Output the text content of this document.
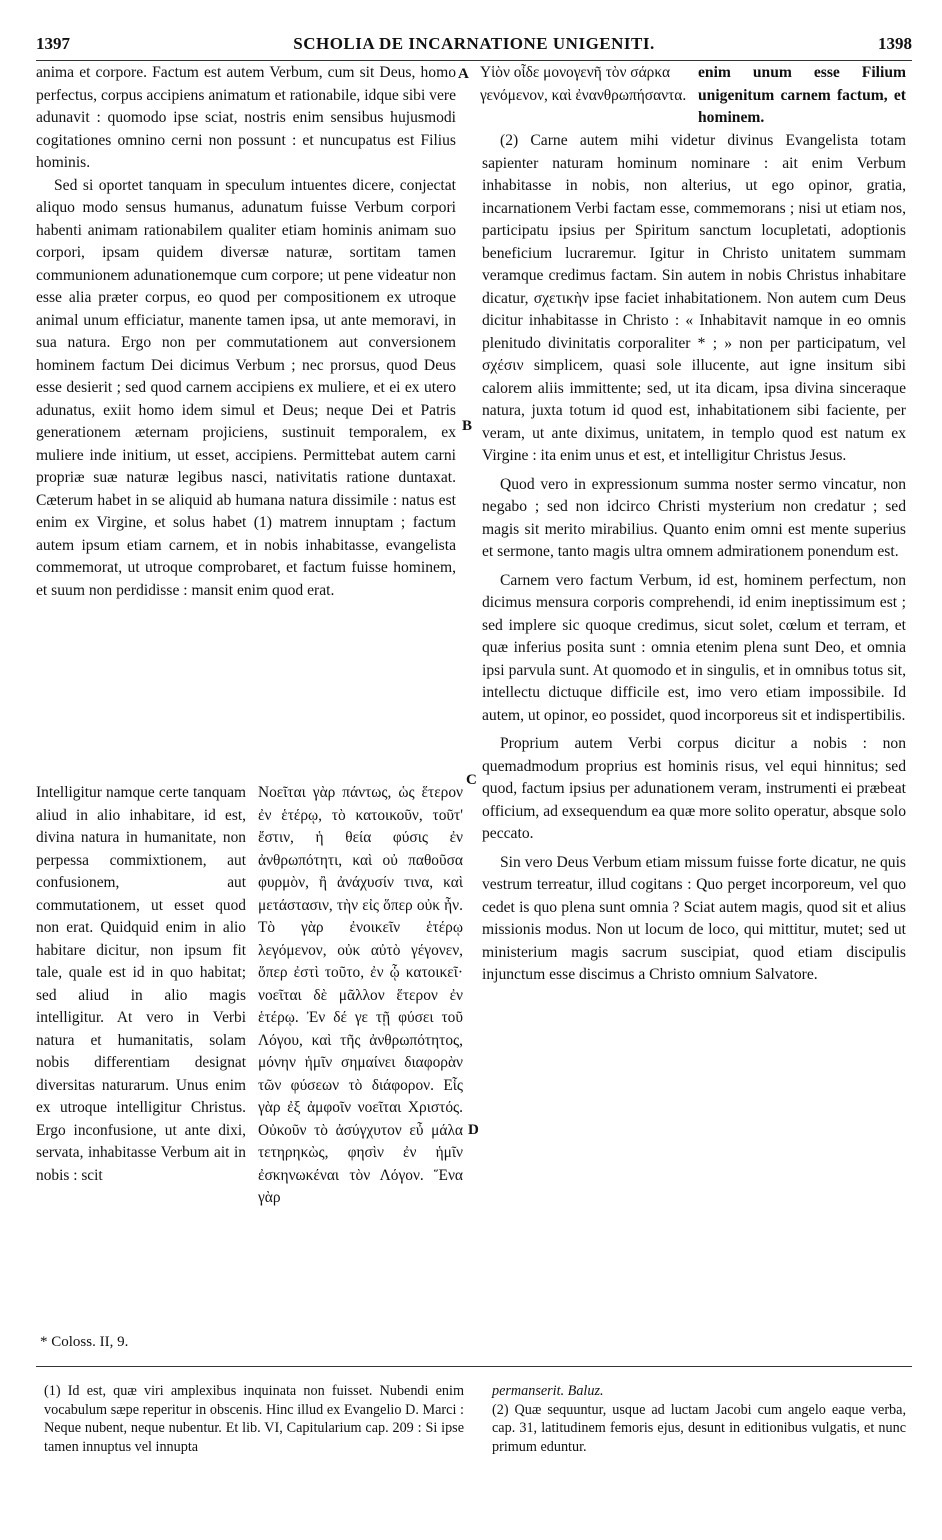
1397	SCHOLIA DE INCARNATIONE UNIGENITI.	1398

anima et corpore. Factum est autem Verbum, cum sit Deus, homo perfectus, corpus accipiens animatum et rationabile, idque sibi vere adunavit : quomodo ipse sciat, nostris enim sensibus hujusmodi cogitationes omnino cerni non possunt : et nuncupatus est Filius hominis.

Sed si oportet tanquam in speculum intuentes dicere, conjectat aliquo modo sensus humanus, adunatum fuisse Verbum corpori habenti animam rationabilem qualiter etiam hominis animam suo corpori, ipsam quidem diversæ naturæ, sortitam tamen communionem adunationemque cum corpore; ut pene videatur non esse alia præter corpus, eo quod per compositionem ex utroque animal unum efficiatur, manente tamen ipsa, ut ante memoravi, in sua natura. Ergo non per commutationem aut conversionem hominem factum Dei dicimus Verbum ; nec prorsus, quod Deus esse desierit ; sed quod carnem accipiens ex muliere, et ei ex utero adunatus, exiit homo idem simul et Deus; neque Dei et Patris generationem æternam projiciens, sustinuit temporalem, ex muliere inde initium, ut esset, accipiens. Permittebat autem carni propriæ suæ naturæ legibus nasci, nativitatis ratione duntaxat. Cæterum habet in se aliquid ab humana natura dissimile : natus est enim ex Virgine, et solus habet (1) matrem innuptam ; factum autem ipsum etiam carnem, et in nobis inhabitasse, evangelista commemorat, ut utroque comprobaret, et factum fuisse hominem, et suum non perdidisse : mansit enim quod erat.

Intelligitur namque certe tanquam aliud in alio inhabitare, id est, divina natura in humanitate, non perpessa commixtionem, aut confusionem, aut commutationem, ut esset quod non erat. Quidquid enim in alio habitare dicitur, non ipsum fit tale, quale est id in quo habitat; sed aliud in alio magis intelligitur. At vero in Verbi natura et humanitatis, solam nobis differentiam designat diversitas naturarum. Unus enim ex utroque intelligitur Christus. Ergo inconfusione, ut ante dixi, servata, inhabitasse Verbum ait in nobis : scit
Νοεῖται γὰρ πάντως, ὡς ἕτερον ἐν ἑτέρῳ, τὸ κατοικοῦν, τοῦτ' ἔστιν, ἡ θεία φύσις ἐν ἀνθρωπότητι, καὶ οὐ παθοῦσα φυρμὸν, ἢ ἀνάχυσίν τινα, καὶ μετάστασιν, τὴν εἰς ὅπερ οὐκ ἦν. Τὸ γὰρ ἐνοικεῖν ἑτέρῳ λεγόμενον, οὐκ αὐτὸ γέγονεν, ὅπερ ἐστὶ τοῦτο, ἐν ᾧ κατοικεῖ· νοεῖται δὲ μᾶλλον ἕτερον ἐν ἑτέρῳ. Ἐν δέ γε τῇ φύσει τοῦ Λόγου, καὶ τῆς ἀνθρωπότητος, μόνην ἡμῖν σημαίνει διαφορὰν τῶν φύσεων τὸ διάφορον. Εἷς γὰρ ἐξ ἀμφοῖν νοεῖται Χριστός. Οὐκοῦν τὸ ἀσύγχυτον εὖ μάλα τετηρηκὼς, φησὶν ἐν ἡμῖν ἐσκηνωκέναι τὸν Λόγον. Ἕνα γὰρ
A
B
C
D
Υἱὸν οἶδε μονογενῆ τὸν σάρκα γενόμενον, καὶ ἐνανθρωπήσαντα.
enim unum esse Filium unigenitum carnem factum, et hominem.

(2) Carne autem mihi videtur divinus Evangelista totam sapienter naturam hominum nominare : ait enim Verbum inhabitasse in nobis, non alterius, ut ego opinor, gratia, incarnationem Verbi factam esse, commemorans ; nisi ut etiam nos, participatu ipsius per Spiritum sanctum locupletati, adoptionis beneficium lucraremur. Igitur in Christo unitatem summam veramque credimus factam. Sin autem in nobis Christus inhabitare dicatur, σχετικὴν ipse faciet inhabitationem. Non autem cum Deus dicitur inhabitasse in Christo : « Inhabitavit namque in eo omnis plenitudo divinitatis corporaliter * ; » non per participatum, vel σχέσιν simplicem, quasi sole illucente, aut igne insitum sibi calorem aliis immittente; sed, ut ita dicam, ipsa divina sinceraque natura, juxta totum id quod est, inhabitationem sibi faciente, per veram, ut ante diximus, unitatem, in templo quod est natum ex Virgine : ita enim unus et est, et intelligitur Christus Jesus.

Quod vero in expressionum summa noster sermo vincatur, non negabo ; sed non idcirco Christi mysterium non credatur ; sed magis sit merito mirabilius. Quanto enim omni est mente superius et sermone, tanto magis ultra omnem admirationem ponendum est.

Carnem vero factum Verbum, id est, hominem perfectum, non dicimus mensura corporis comprehendi, id enim ineptissimum est ; sed implere sic quoque credimus, sicut solet, cœlum et terram, et quæ inferius posita sunt : omnia etenim plena sunt Deo, et omnia ipsi parvula sunt. At quomodo et in singulis, et in omnibus totus sit, intellectu dictuque difficile est, imo vero etiam impossibile. Id autem, ut opinor, eo possidet, quod incorporeus sit et indispertibilis.

Proprium autem Verbi corpus dicitur a nobis : non quemadmodum proprius est hominis risus, vel equi hinnitus; sed quod, factum ipsius per adunationem veram, instrumenti ei præbeat officium, ad exsequendum ea quæ more solito operatur, absque solo peccato.

Sin vero Deus Verbum etiam missum fuisse forte dicatur, ne quis vestrum terreatur, illud cogitans : Quo perget incorporeum, vel quo cedet is quo plena sunt omnia ? Sciat autem magis, quod sit et alius missionis modus. Non ut locum de loco, qui mittitur, mutet; sed ut ministerium magis sacrum suscipiat, quod etiam discipulis injunctum esse discimus a Christo omnium Salvatore.

* Coloss. II, 9.
(1) Id est, quæ viri amplexibus inquinata non fuisset. Nubendi enim vocabulum sæpe reperitur in obscenis. Hinc illud ex Evangelio D. Marci : Neque nubent, neque nubentur. Et lib. VI, Capitularium cap. 209 : Si ipse tamen innuptus vel innupta
permanserit. Baluz.
(2) Quæ sequuntur, usque ad luctam Jacobi cum angelo eaque verba, cap. 31, latitudinem femoris ejus, desunt in editionibus vulgatis, et nunc primum eduntur.
